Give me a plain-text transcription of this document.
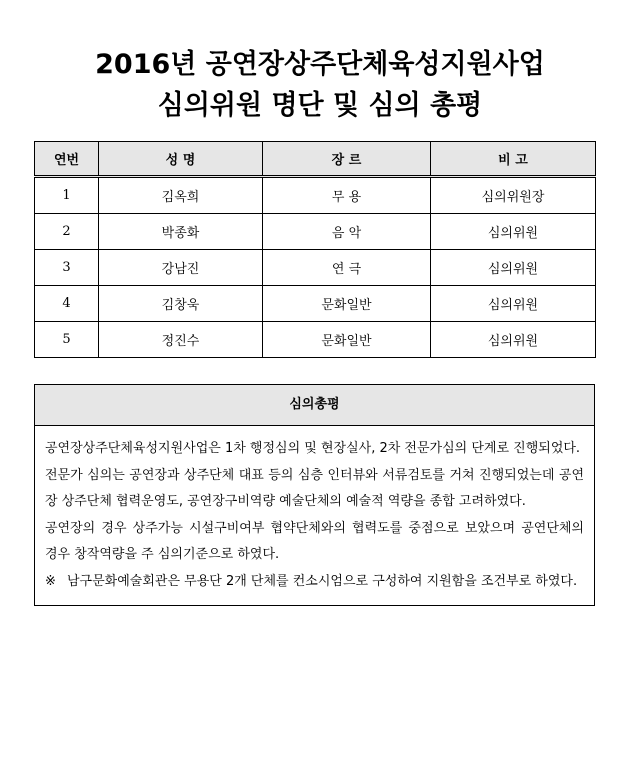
2016년 공연장상주단체육성지원사업
심의위원 명단 및 심의 총평
연번	성 명	장 르	비 고
1	김옥희	무 용	심의위원장
2	박종화	음 악	심의위원
3	강남진	연 극	심의위원
4	김창욱	문화일반	심의위원
5	정진수	문화일반	심의위원
심의총평

공연장상주단체육성지원사업은 1차 행정심의 및 현장실사, 2차 전문가심의 단계로 진행되었다.

전문가 심의는 공연장과 상주단체 대표 등의 심층 인터뷰와 서류검토를 거쳐 진행되었는데 공연장 상주단체 협력운영도, 공연장구비역량 예술단체의 예술적 역량을 종합 고려하였다.

공연장의 경우 상주가능 시설구비여부 협약단체와의 협력도를 중점으로 보았으며 공연단체의 경우 창작역량을 주 심의기준으로 하였다.

※ 남구문화예술회관은 무용단 2개 단체를 컨소시엄으로 구성하여 지원함을 조건부로 하였다.
